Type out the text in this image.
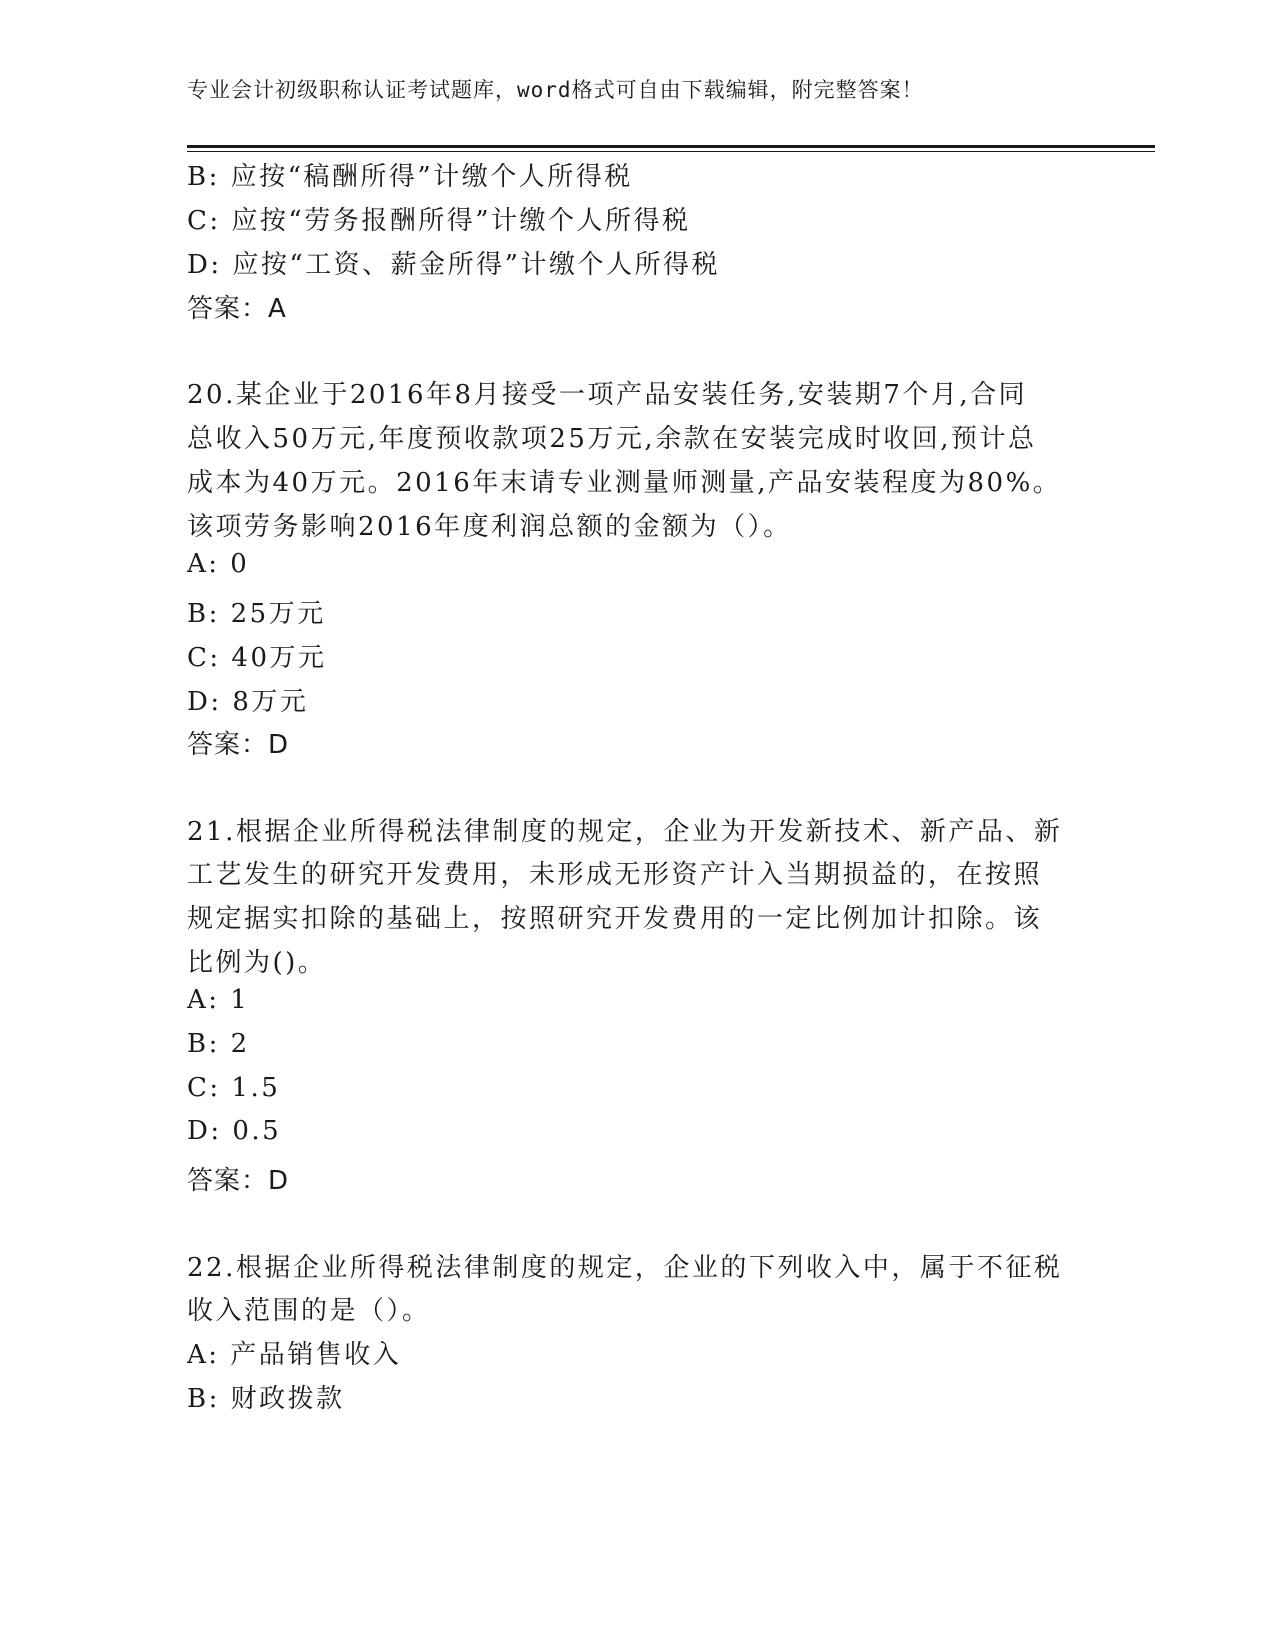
专业会计初级职称认证考试题库，word格式可自由下载编辑，附完整答案！
B: 应按“稿酬所得”计缴个人所得税
C: 应按“劳务报酬所得”计缴个人所得税
D: 应按“工资、薪金所得”计缴个人所得税
答案：A
20.某企业于2016年8月接受一项产品安装任务,安装期7个月,合同
总收入50万元,年度预收款项25万元,余款在安装完成时收回,预计总
成本为40万元。2016年末请专业测量师测量,产品安装程度为80%。
该项劳务影响2016年度利润总额的金额为（）。
A: 0
B: 25万元
C: 40万元
D: 8万元
答案：D
21.根据企业所得税法律制度的规定，企业为开发新技术、新产品、新
工艺发生的研究开发费用，未形成无形资产计入当期损益的，在按照
规定据实扣除的基础上，按照研究开发费用的一定比例加计扣除。该
比例为()。
A: 1
B: 2
C: 1.5
D: 0.5
答案：D
22.根据企业所得税法律制度的规定，企业的下列收入中，属于不征税
收入范围的是（）。
A: 产品销售收入
B: 财政拨款
